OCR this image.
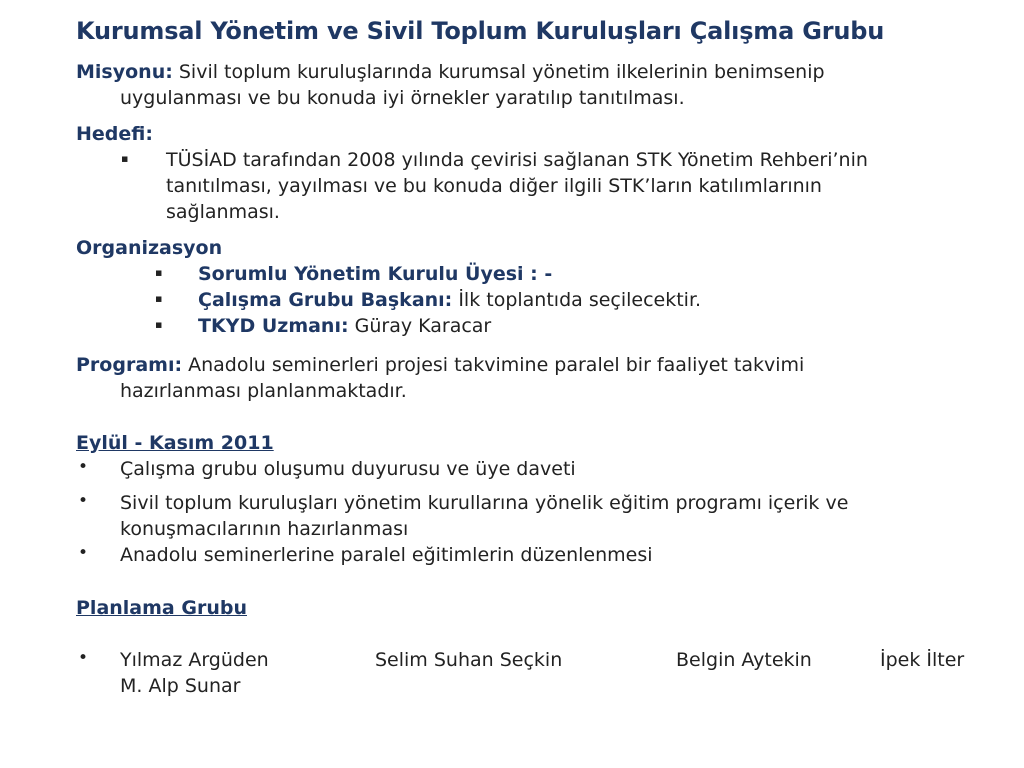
Kurumsal Yönetim ve Sivil Toplum Kuruluşları Çalışma Grubu
Misyonu: Sivil toplum kuruluşlarında kurumsal yönetim ilkelerinin benimsenip
uygulanması ve bu konuda iyi örnekler yaratılıp tanıtılması.
Hedefi:
▪ TÜSİAD tarafından 2008 yılında çevirisi sağlanan STK Yönetim Rehberi’nin
tanıtılması, yayılması ve bu konuda diğer ilgili STK’ların katılımlarının
sağlanması.
Organizasyon
▪ Sorumlu Yönetim Kurulu Üyesi : -
▪ Çalışma Grubu Başkanı: İlk toplantıda seçilecektir.
▪ TKYD Uzmanı: Güray Karacar
Programı: Anadolu seminerleri projesi takvimine paralel bir faaliyet takvimi
hazırlanması planlanmaktadır.
Eylül - Kasım 2011
• Çalışma grubu oluşumu duyurusu ve üye daveti
• Sivil toplum kuruluşları yönetim kurullarına yönelik eğitim programı içerik ve
konuşmacılarının hazırlanması
• Anadolu seminerlerine paralel eğitimlerin düzenlenmesi
Planlama Grubu
• Yılmaz Argüden	Selim Suhan Seçkin	Belgin Aytekin	İpek İlter
M. Alp Sunar
